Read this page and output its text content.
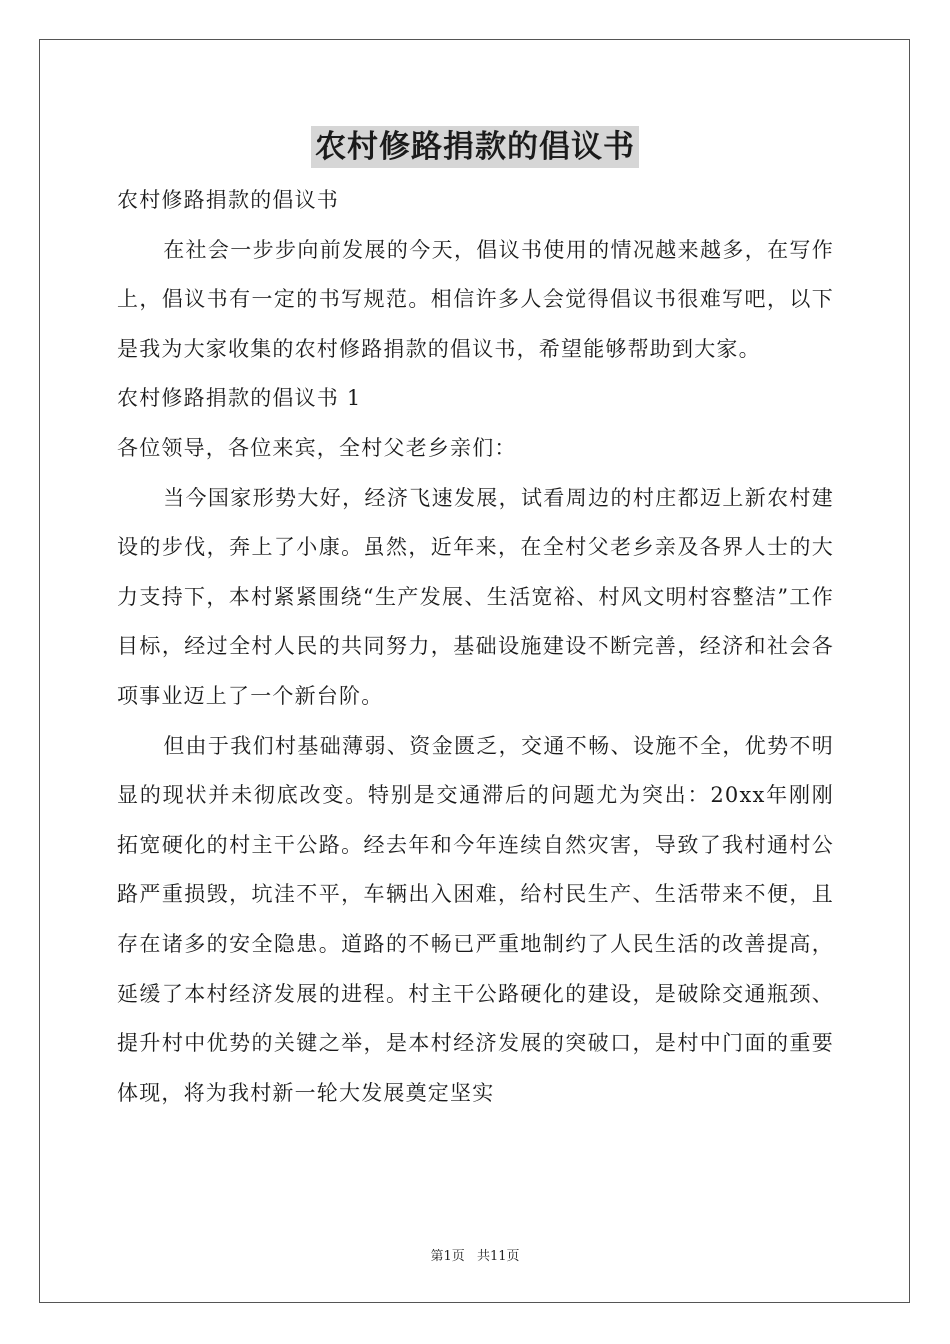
农村修路捐款的倡议书

农村修路捐款的倡议书

在社会一步步向前发展的今天，倡议书使用的情况越来越多，在写作上，倡议书有一定的书写规范。相信许多人会觉得倡议书很难写吧，以下是我为大家收集的农村修路捐款的倡议书，希望能够帮助到大家。

农村修路捐款的倡议书 1

各位领导，各位来宾，全村父老乡亲们：

当今国家形势大好，经济飞速发展，试看周边的村庄都迈上新农村建设的步伐，奔上了小康。虽然，近年来，在全村父老乡亲及各界人士的大力支持下，本村紧紧围绕“生产发展、生活宽裕、村风文明村容整洁”工作目标，经过全村人民的共同努力，基础设施建设不断完善，经济和社会各项事业迈上了一个新台阶。

但由于我们村基础薄弱、资金匮乏，交通不畅、设施不全，优势不明显的现状并未彻底改变。特别是交通滞后的问题尤为突出：20xx年刚刚拓宽硬化的村主干公路。经去年和今年连续自然灾害，导致了我村通村公路严重损毁，坑洼不平，车辆出入困难，给村民生产、生活带来不便，且存在诸多的安全隐患。道路的不畅已严重地制约了人民生活的改善提高，延缓了本村经济发展的进程。村主干公路硬化的建设，是破除交通瓶颈、提升村中优势的关键之举，是本村经济发展的突破口，是村中门面的重要体现，将为我村新一轮大发展奠定坚实

第1页 共11页
